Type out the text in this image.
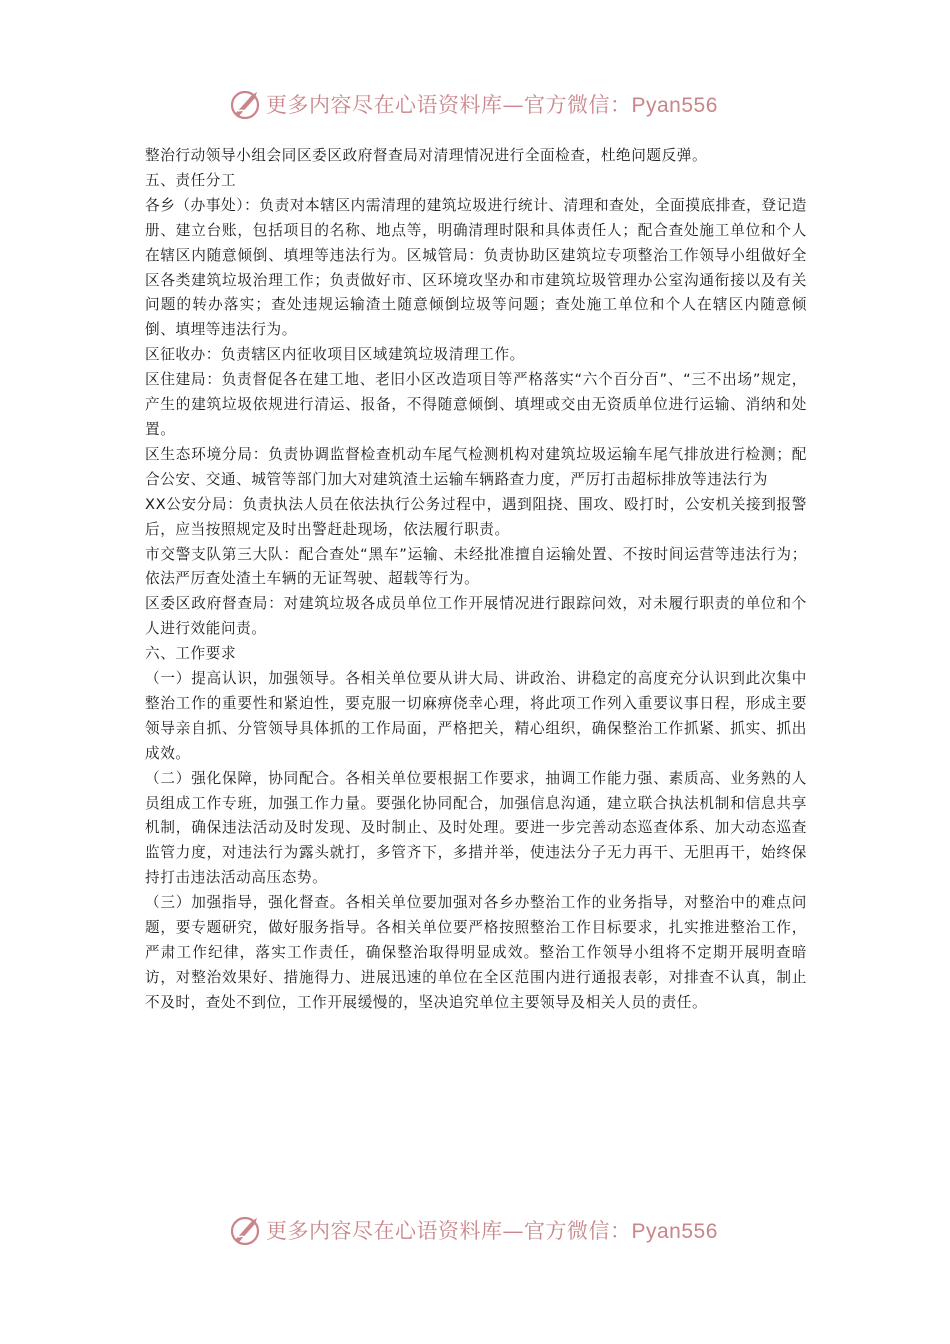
更多内容尽在心语资料库—官方微信：Pyan556

整治行动领导小组会同区委区政府督查局对清理情况进行全面检查，杜绝问题反弹。

五、责任分工

各乡（办事处）：负责对本辖区内需清理的建筑垃圾进行统计、清理和查处，全面摸底排查，登记造册、建立台账，包括项目的名称、地点等，明确清理时限和具体责任人；配合查处施工单位和个人在辖区内随意倾倒、填埋等违法行为。区城管局：负责协助区建筑垃专项整治工作领导小组做好全区各类建筑垃圾治理工作；负责做好市、区环境攻坚办和市建筑垃圾管理办公室沟通衔接以及有关问题的转办落实；查处违规运输渣土随意倾倒垃圾等问题；查处施工单位和个人在辖区内随意倾倒、填埋等违法行为。

区征收办：负责辖区内征收项目区域建筑垃圾清理工作。

区住建局：负责督促各在建工地、老旧小区改造项目等严格落实“六个百分百”、“三不出场”规定，产生的建筑垃圾依规进行清运、报备，不得随意倾倒、填埋或交由无资质单位进行运输、消纳和处置。

区生态环境分局：负责协调监督检查机动车尾气检测机构对建筑垃圾运输车尾气排放进行检测；配合公安、交通、城管等部门加大对建筑渣土运输车辆路查力度，严厉打击超标排放等违法行为

XX公安分局：负责执法人员在依法执行公务过程中，遇到阻挠、围攻、殴打时，公安机关接到报警后，应当按照规定及时出警赶赴现场，依法履行职责。

市交警支队第三大队：配合查处“黑车”运输、未经批准擅自运输处置、不按时间运营等违法行为；依法严厉查处渣土车辆的无证驾驶、超载等行为。

区委区政府督查局：对建筑垃圾各成员单位工作开展情况进行跟踪问效，对未履行职责的单位和个人进行效能问责。

六、工作要求

（一）提高认识，加强领导。各相关单位要从讲大局、讲政治、讲稳定的高度充分认识到此次集中整治工作的重要性和紧迫性，要克服一切麻痹侥幸心理，将此项工作列入重要议事日程，形成主要领导亲自抓、分管领导具体抓的工作局面，严格把关，精心组织，确保整治工作抓紧、抓实、抓出成效。

（二）强化保障，协同配合。各相关单位要根据工作要求，抽调工作能力强、素质高、业务熟的人员组成工作专班，加强工作力量。要强化协同配合，加强信息沟通，建立联合执法机制和信息共享机制，确保违法活动及时发现、及时制止、及时处理。要进一步完善动态巡查体系、加大动态巡查监管力度，对违法行为露头就打，多管齐下，多措并举，使违法分子无力再干、无胆再干，始终保持打击违法活动高压态势。

（三）加强指导，强化督查。各相关单位要加强对各乡办整治工作的业务指导，对整治中的难点问题，要专题研究，做好服务指导。各相关单位要严格按照整治工作目标要求，扎实推进整治工作，严肃工作纪律，落实工作责任，确保整治取得明显成效。整治工作领导小组将不定期开展明查暗访，对整治效果好、措施得力、进展迅速的单位在全区范围内进行通报表彰，对排查不认真，制止不及时，查处不到位，工作开展缓慢的，坚决追究单位主要领导及相关人员的责任。

更多内容尽在心语资料库—官方微信：Pyan556
